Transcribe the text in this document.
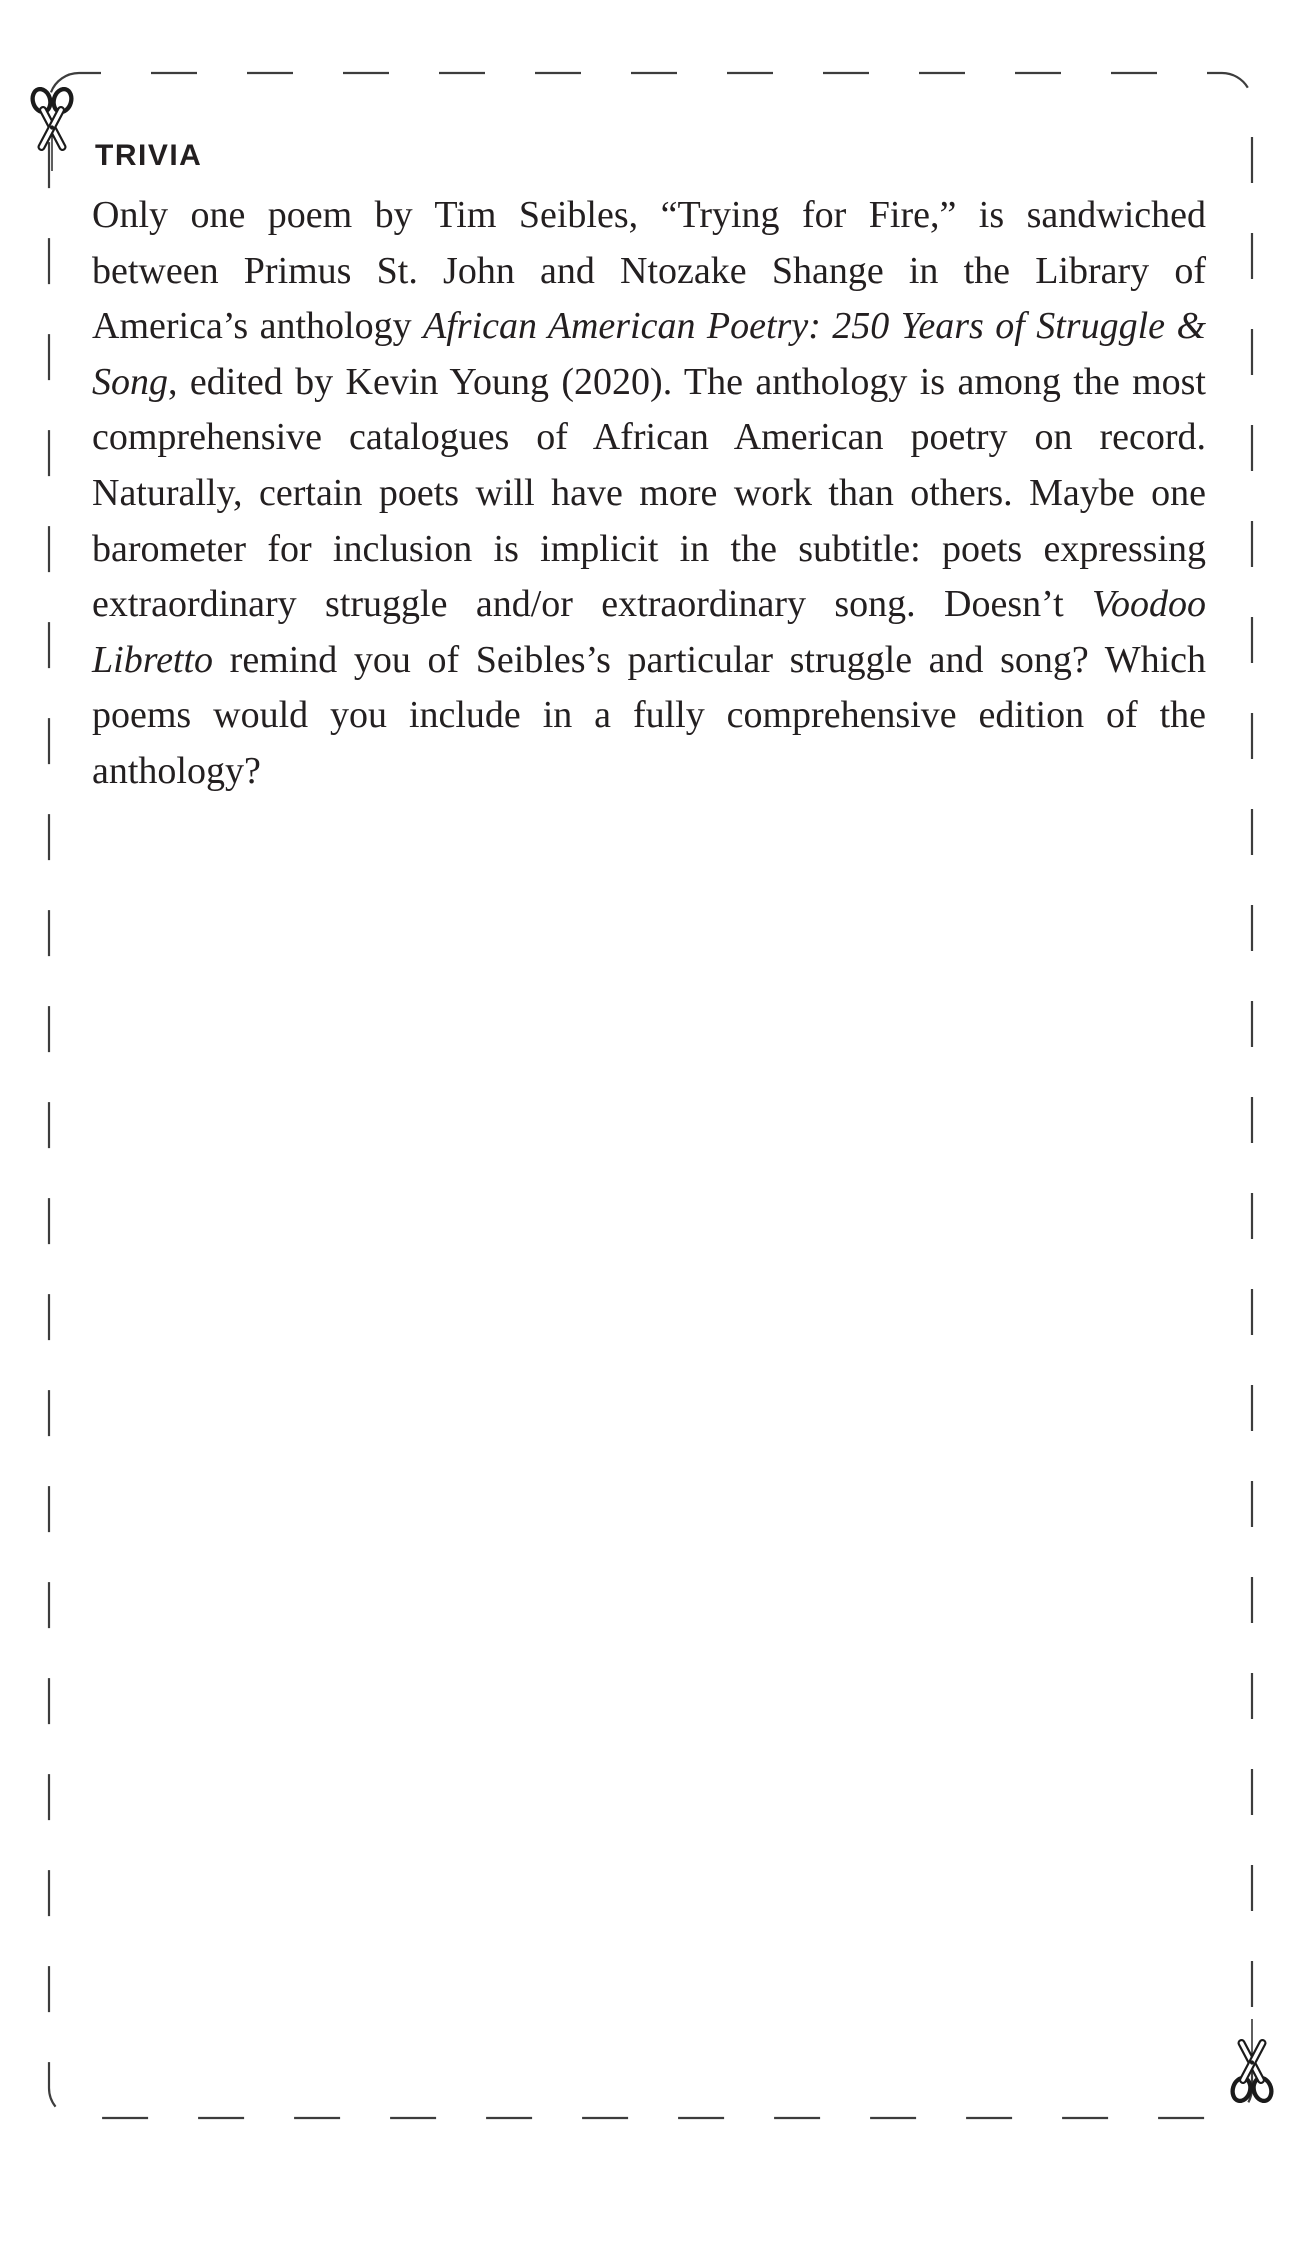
TRIVIA

Only one poem by Tim Seibles, “Trying for Fire,” is sandwiched between Primus St. John and Ntozake Shange in the Library of America’s anthology African American Poetry: 250 Years of Struggle & Song, edited by Kevin Young (2020). The anthology is among the most comprehensive catalogues of African American poetry on record. Naturally, certain poets will have more work than others. Maybe one barometer for inclusion is implicit in the subtitle: poets expressing extraordinary struggle and/or extraordinary song. Doesn’t Voodoo Libretto remind you of Seibles’s particular struggle and song? Which poems would you include in a fully comprehensive edition of the anthology?
